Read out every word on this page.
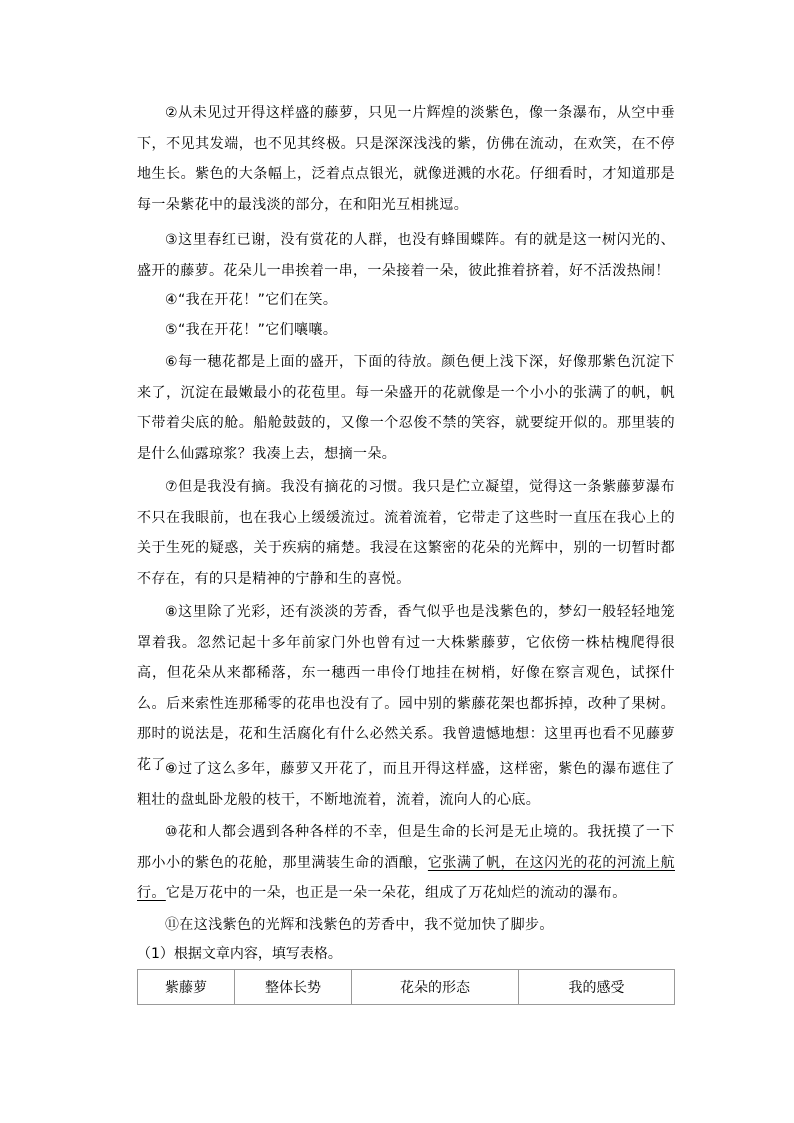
②从未见过开得这样盛的藤萝，只见一片辉煌的淡紫色，像一条瀑布，从空中垂下，不见其发端，也不见其终极。只是深深浅浅的紫，仿佛在流动，在欢笑，在不停地生长。紫色的大条幅上，泛着点点银光，就像迸溅的水花。仔细看时，才知道那是每一朵紫花中的最浅淡的部分，在和阳光互相挑逗。

③这里春红已谢，没有赏花的人群，也没有蜂围蝶阵。有的就是这一树闪光的、盛开的藤萝。花朵儿一串挨着一串，一朵接着一朵，彼此推着挤着，好不活泼热闹！

④“我在开花！”它们在笑。

⑤“我在开花！”它们嚷嚷。

⑥每一穗花都是上面的盛开，下面的待放。颜色便上浅下深，好像那紫色沉淀下来了，沉淀在最嫩最小的花苞里。每一朵盛开的花就像是一个小小的张满了的帆，帆下带着尖底的舱。船舱鼓鼓的，又像一个忍俊不禁的笑容，就要绽开似的。那里装的是什么仙露琼浆？我凑上去，想摘一朵。

⑦但是我没有摘。我没有摘花的习惯。我只是伫立凝望，觉得这一条紫藤萝瀑布不只在我眼前，也在我心上缓缓流过。流着流着，它带走了这些时一直压在我心上的关于生死的疑惑，关于疾病的痛楚。我浸在这繁密的花朵的光辉中，别的一切暂时都不存在，有的只是精神的宁静和生的喜悦。

⑧这里除了光彩，还有淡淡的芳香，香气似乎也是浅紫色的，梦幻一般轻轻地笼罩着我。忽然记起十多年前家门外也曾有过一大株紫藤萝，它依傍一株枯槐爬得很高，但花朵从来都稀落，东一穗西一串伶仃地挂在树梢，好像在察言观色，试探什么。后来索性连那稀零的花串也没有了。园中别的紫藤花架也都拆掉，改种了果树。那时的说法是，花和生活腐化有什么必然关系。我曾遗憾地想：这里再也看不见藤萝花了。

⑨过了这么多年，藤萝又开花了，而且开得这样盛，这样密，紫色的瀑布遮住了粗壮的盘虬卧龙般的枝干，不断地流着，流着，流向人的心底。

⑩花和人都会遇到各种各样的不幸，但是生命的长河是无止境的。我抚摸了一下那小小的紫色的花舱，那里满装生命的酒酿，它张满了帆，在这闪光的花的河流上航行。它是万花中的一朵，也正是一朵一朵花，组成了万花灿烂的流动的瀑布。

⑪在这浅紫色的光辉和浅紫色的芳香中，我不觉加快了脚步。

（1）根据文章内容，填写表格。

紫藤萝	整体长势	花朵的形态	我的感受
